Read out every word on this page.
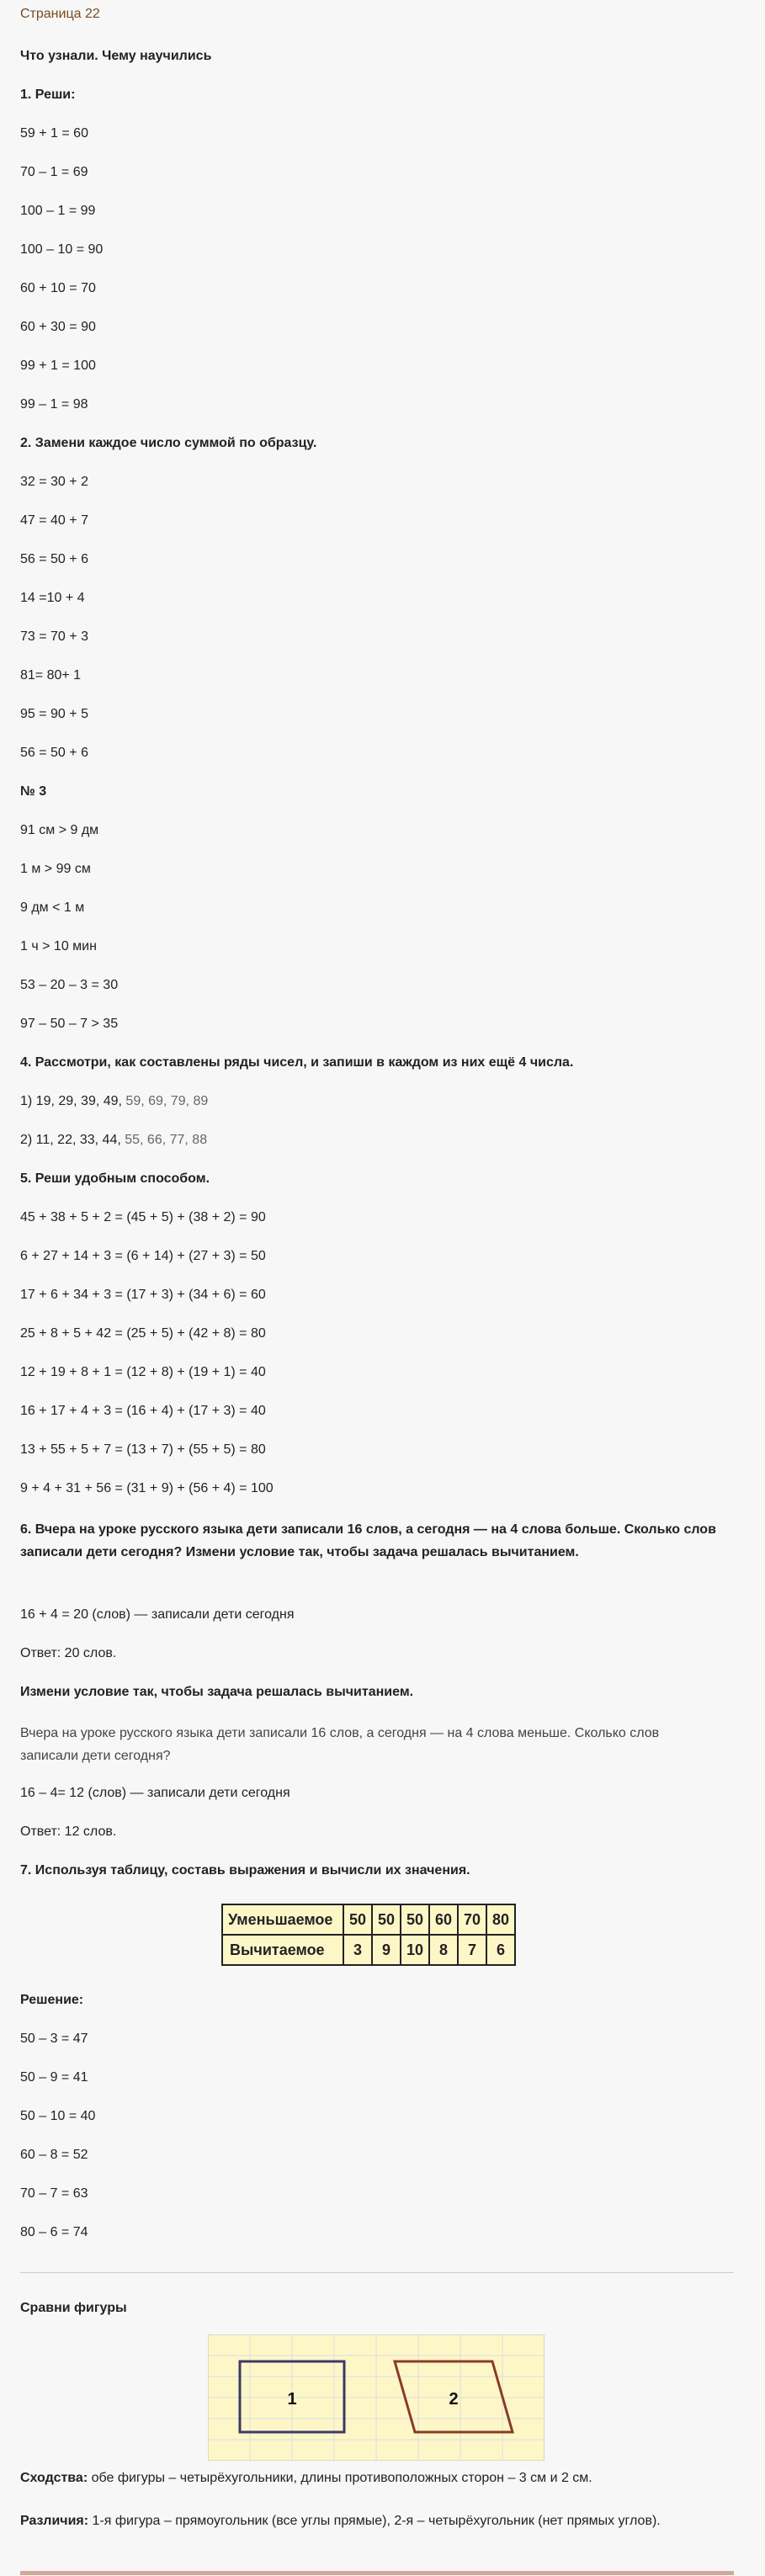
Страница 22
Что узнали. Чему научились
1. Реши:
59 + 1 = 60
70 – 1 = 69
100 – 1 = 99
100 – 10 = 90
60 + 10 = 70
60 + 30 = 90
99 + 1 = 100
99 – 1 = 98
2. Замени каждое число суммой по образцу.
32 = 30 + 2
47 = 40 + 7
56 = 50 + 6
14 =10 + 4
73 = 70 + 3
81= 80+ 1
95 = 90 + 5
56 = 50 + 6
№ 3
91 см > 9 дм
1 м > 99 см
9 дм < 1 м
1 ч > 10 мин
53 – 20 – 3 = 30
97 – 50 – 7 > 35
4. Рассмотри, как составлены ряды чисел, и запиши в каждом из них ещё 4 числа.
1) 19, 29, 39, 49, 59, 69, 79, 89
2) 11, 22, 33, 44, 55, 66, 77, 88
5. Реши удобным способом.
45 + 38 + 5 + 2 = (45 + 5) + (38 + 2) = 90
6 + 27 + 14 + 3 = (6 + 14) + (27 + 3) = 50
17 + 6 + 34 + 3 = (17 + 3) + (34 + 6) = 60
25 + 8 + 5 + 42 = (25 + 5) + (42 + 8) = 80
12 + 19 + 8 + 1 = (12 + 8) + (19 + 1) = 40
16 + 17 + 4 + 3 = (16 + 4) + (17 + 3) = 40
13 + 55 + 5 + 7 = (13 + 7) + (55 + 5) = 80
9 + 4 + 31 + 56 = (31 + 9) + (56 + 4) = 100
6. Вчера на уроке русского языка дети записали 16 слов, а сегодня — на 4 слова больше. Сколько слов записали дети сегодня? Измени условие так, чтобы задача решалась вычитанием.
16 + 4 = 20 (слов) — записали дети сегодня
Ответ: 20 слов.
Измени условие так, чтобы задача решалась вычитанием.
Вчера на уроке русского языка дети записали 16 слов, а сегодня — на 4 слова меньше. Сколько слов записали дети сегодня?
16 – 4= 12 (слов) — записали дети сегодня
Ответ: 12 слов.
7. Используя таблицу, составь выражения и вычисли их значения.
Уменьшаемое	50	50	50	60	70	80
Вычитаемое	3	9	10	8	7	6
Решение:
50 – 3 = 47
50 – 9 = 41
50 – 10 = 40
60 – 8 = 52
70 – 7 = 63
80 – 6 = 74
Сравни фигуры
1	2
Сходства: обе фигуры – четырёхугольники, длины противоположных сторон – 3 см и 2 см.
Различия: 1-я фигура – прямоугольник (все углы прямые), 2-я – четырёхугольник (нет прямых углов).
